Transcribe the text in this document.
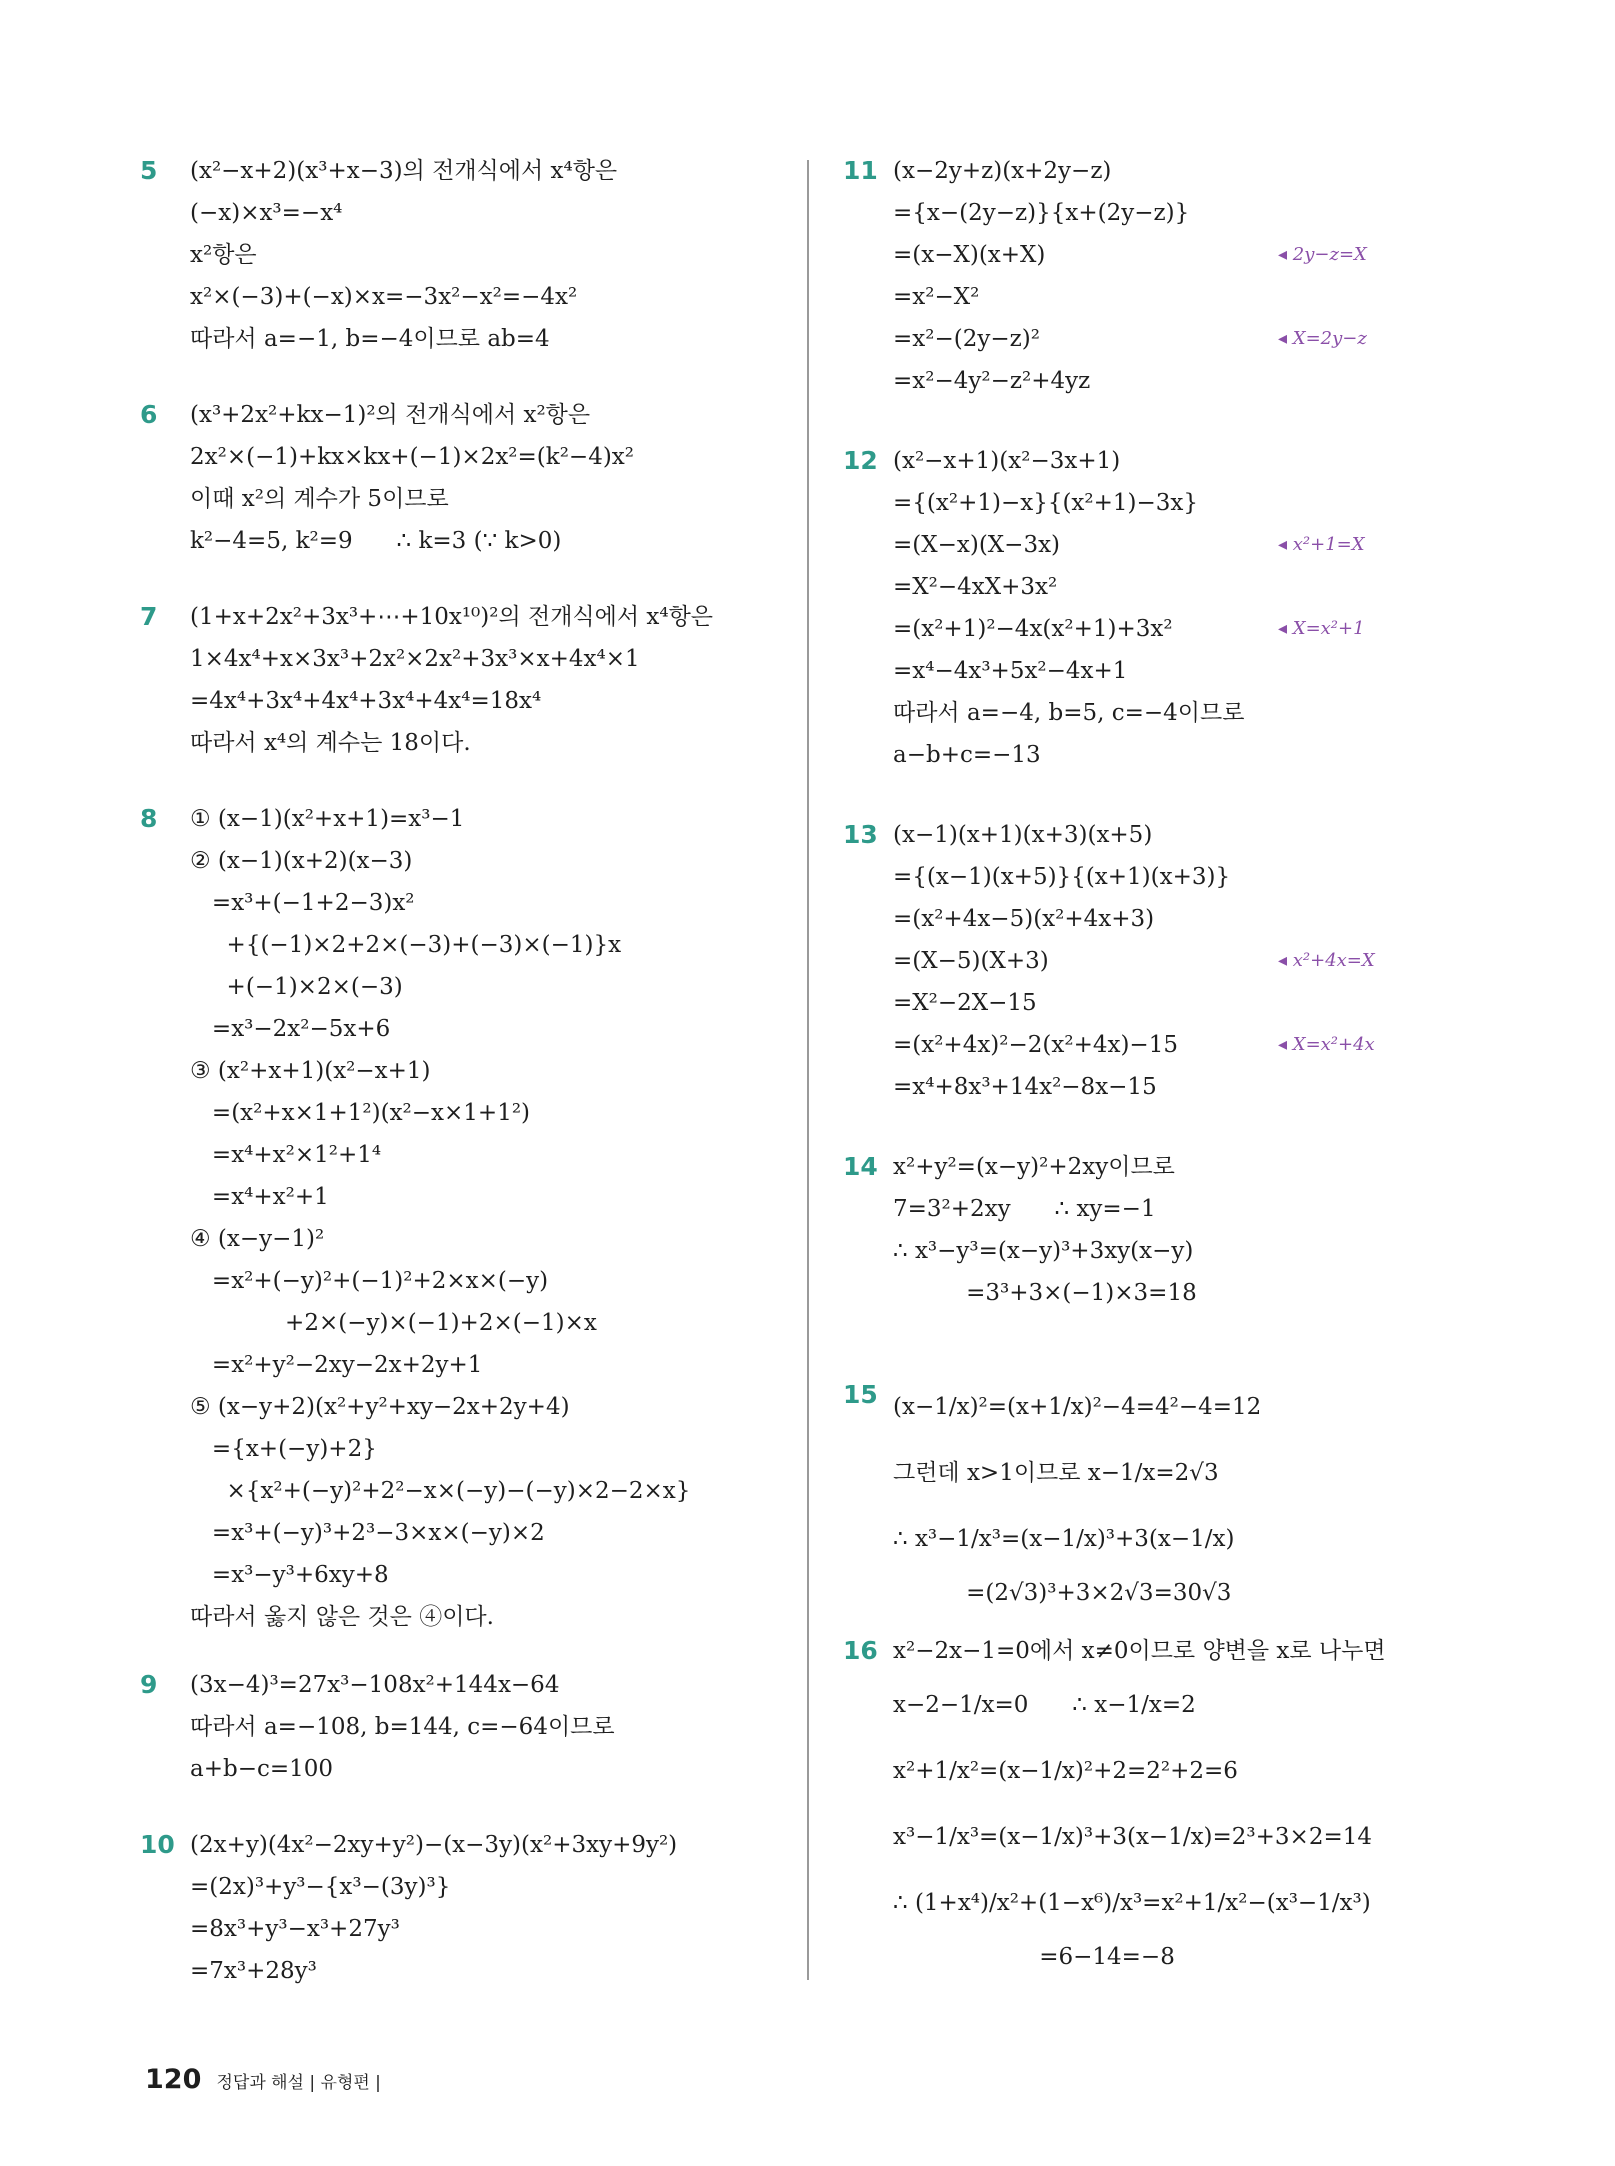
5 (x²−x+2)(x³+x−3)의 전개식에서 x⁴항은
(−x)×x³=−x⁴
x²항은
x²×(−3)+(−x)×x=−3x²−x²=−4x²
따라서 a=−1, b=−4이므로 ab=4
6 (x³+2x²+kx−1)²의 전개식에서 x²항은
2x²×(−1)+kx×kx+(−1)×2x²=(k²−4)x²
이때 x²의 계수가 5이므로
k²−4=5, k²=9      ∴ k=3 (∵ k>0)
7 (1+x+2x²+3x³+⋯+10x¹⁰)²의 전개식에서 x⁴항은
1×4x⁴+x×3x³+2x²×2x²+3x³×x+4x⁴×1
=4x⁴+3x⁴+4x⁴+3x⁴+4x⁴=18x⁴
따라서 x⁴의 계수는 18이다.
8 ① (x−1)(x²+x+1)=x³−1
② (x−1)(x+2)(x−3)
=x³+(−1+2−3)x²
+{(−1)×2+2×(−3)+(−3)×(−1)}x
+(−1)×2×(−3)
=x³−2x²−5x+6
③ (x²+x+1)(x²−x+1)
=(x²+x×1+1²)(x²−x×1+1²)
=x⁴+x²×1²+1⁴
=x⁴+x²+1
④ (x−y−1)²
=x²+(−y)²+(−1)²+2×x×(−y)
+2×(−y)×(−1)+2×(−1)×x
=x²+y²−2xy−2x+2y+1
⑤ (x−y+2)(x²+y²+xy−2x+2y+4)
={x+(−y)+2}
×{x²+(−y)²+2²−x×(−y)−(−y)×2−2×x}
=x³+(−y)³+2³−3×x×(−y)×2
=x³−y³+6xy+8
따라서 옳지 않은 것은 ④이다.
9 (3x−4)³=27x³−108x²+144x−64
따라서 a=−108, b=144, c=−64이므로
a+b−c=100
10 (2x+y)(4x²−2xy+y²)−(x−3y)(x²+3xy+9y²)
=(2x)³+y³−{x³−(3y)³}
=8x³+y³−x³+27y³
=7x³+28y³
11 (x−2y+z)(x+2y−z)
={x−(2y−z)}{x+(2y−z)}
=(x−X)(x+X)	◂ 2y−z=X
=x²−X²
=x²−(2y−z)²	◂ X=2y−z
=x²−4y²−z²+4yz
12 (x²−x+1)(x²−3x+1)
={(x²+1)−x}{(x²+1)−3x}
=(X−x)(X−3x)	◂ x²+1=X
=X²−4xX+3x²
=(x²+1)²−4x(x²+1)+3x²	◂ X=x²+1
=x⁴−4x³+5x²−4x+1
따라서 a=−4, b=5, c=−4이므로
a−b+c=−13
13 (x−1)(x+1)(x+3)(x+5)
={(x−1)(x+5)}{(x+1)(x+3)}
=(x²+4x−5)(x²+4x+3)
=(X−5)(X+3)	◂ x²+4x=X
=X²−2X−15
=(x²+4x)²−2(x²+4x)−15	◂ X=x²+4x
=x⁴+8x³+14x²−8x−15
14 x²+y²=(x−y)²+2xy이므로
7=3²+2xy      ∴ xy=−1
∴ x³−y³=(x−y)³+3xy(x−y)
=3³+3×(−1)×3=18
15 (x−1/x)²=(x+1/x)²−4=4²−4=12
그런데 x>1이므로 x−1/x=2√3
∴ x³−1/x³=(x−1/x)³+3(x−1/x)
=(2√3)³+3×2√3=30√3
16 x²−2x−1=0에서 x≠0이므로 양변을 x로 나누면
x−2−1/x=0      ∴ x−1/x=2
x²+1/x²=(x−1/x)²+2=2²+2=6
x³−1/x³=(x−1/x)³+3(x−1/x)=2³+3×2=14
∴ (1+x⁴)/x²+(1−x⁶)/x³=x²+1/x²−(x³−1/x³)
=6−14=−8
120 정답과 해설 | 유형편 |
